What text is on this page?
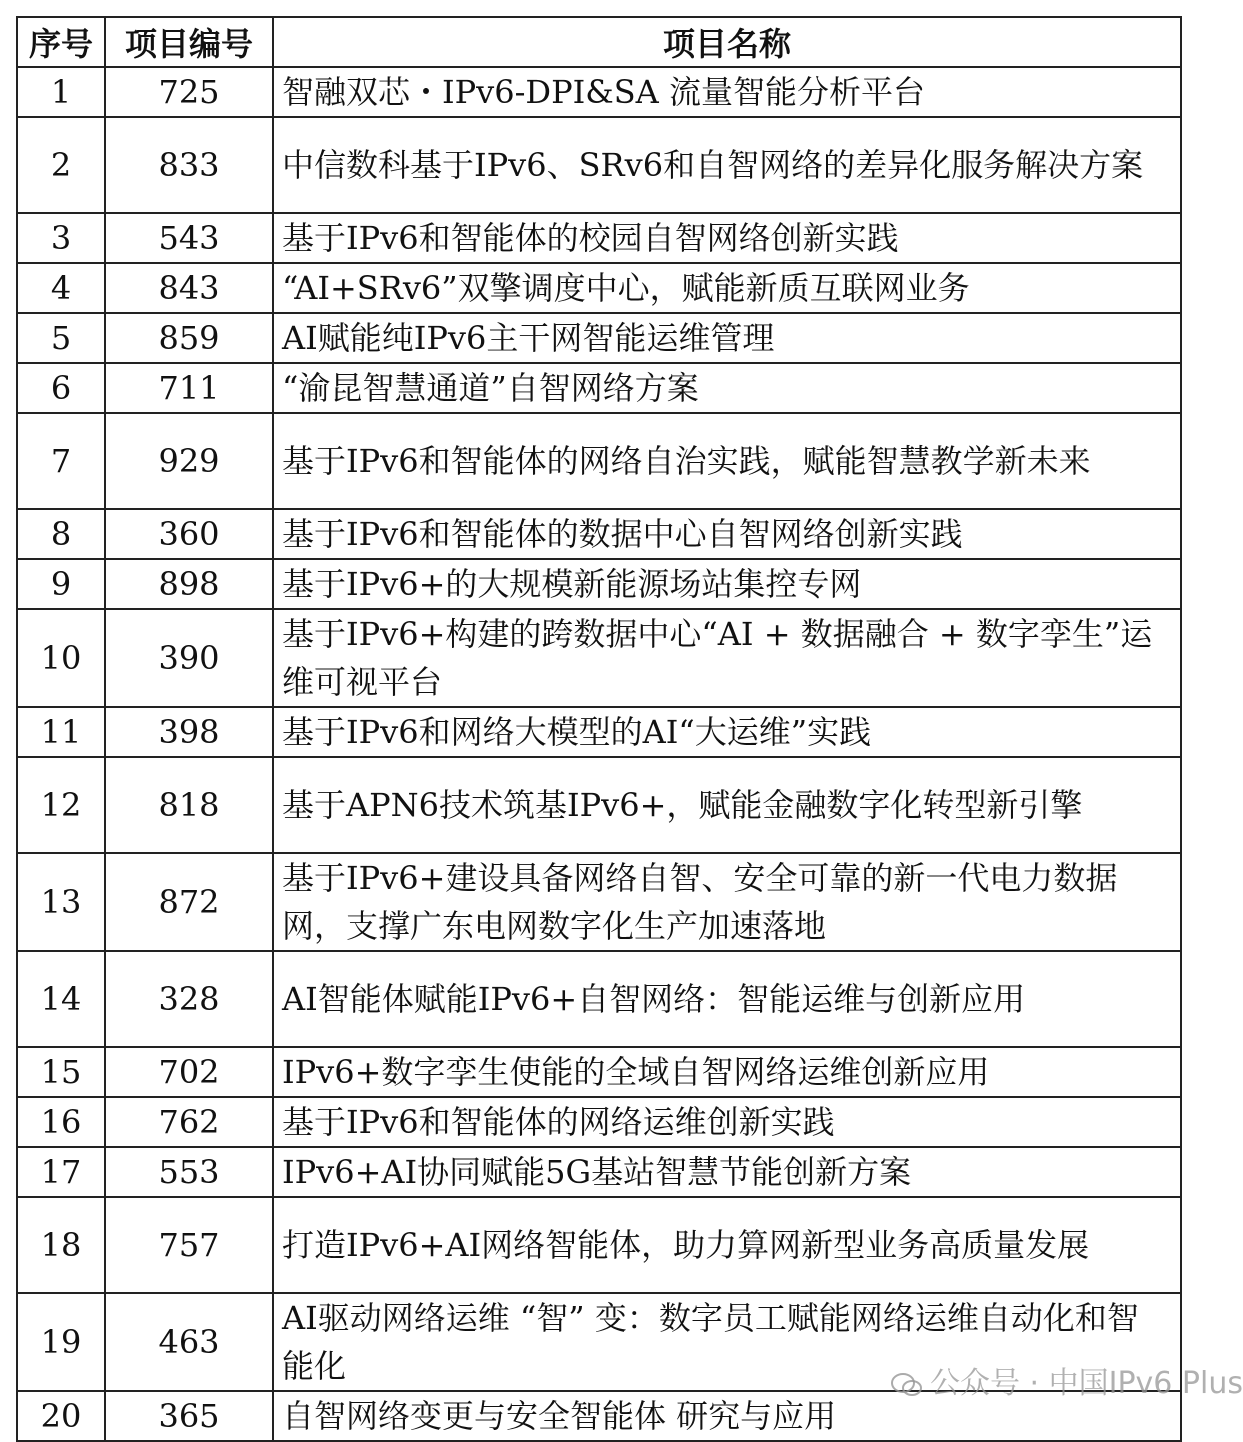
序号	项目编号	项目名称
1	725	智融双芯・IPv6-DPI&SA 流量智能分析平台
2	833	中信数科基于IPv6、SRv6和自智网络的差异化服务解决方案
3	543	基于IPv6和智能体的校园自智网络创新实践
4	843	“AI+SRv6”双擎调度中心，赋能新质互联网业务
5	859	AI赋能纯IPv6主干网智能运维管理
6	711	“渝昆智慧通道”自智网络方案
7	929	基于IPv6和智能体的网络自治实践，赋能智慧教学新未来
8	360	基于IPv6和智能体的数据中心自智网络创新实践
9	898	基于IPv6+的大规模新能源场站集控专网
10	390	基于IPv6+构建的跨数据中心“AI + 数据融合 + 数字孪生”运维可视平台
11	398	基于IPv6和网络大模型的AI“大运维”实践
12	818	基于APN6技术筑基IPv6+，赋能金融数字化转型新引擎
13	872	基于IPv6+建设具备网络自智、安全可靠的新一代电力数据网，支撑广东电网数字化生产加速落地
14	328	AI智能体赋能IPv6+自智网络：智能运维与创新应用
15	702	IPv6+数字孪生使能的全域自智网络运维创新应用
16	762	基于IPv6和智能体的网络运维创新实践
17	553	IPv6+AI协同赋能5G基站智慧节能创新方案
18	757	打造IPv6+AI网络智能体，助力算网新型业务高质量发展
19	463	AI驱动网络运维 “智” 变：数字员工赋能网络运维自动化和智能化
20	365	自智网络变更与安全智能体 研究与应用
公众号 · 中国IPv6 Plus
